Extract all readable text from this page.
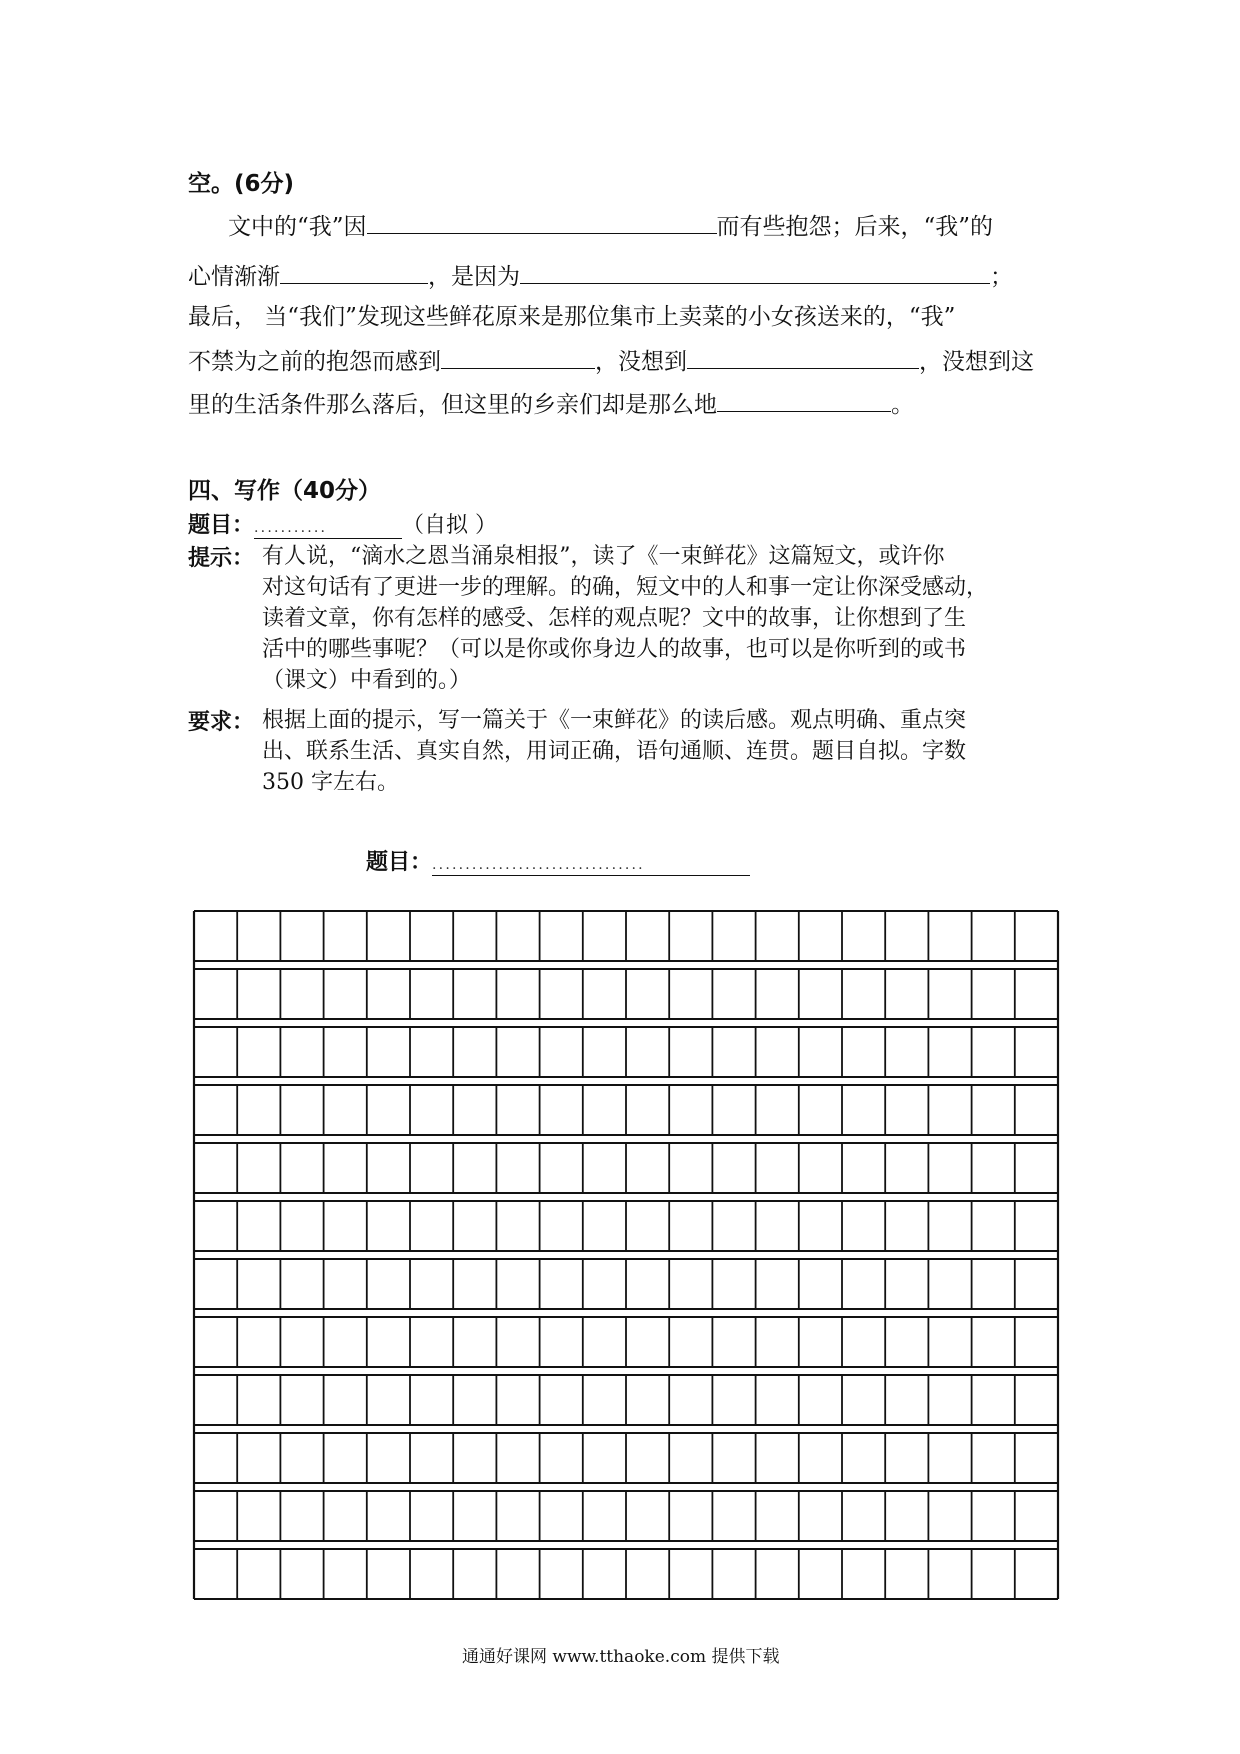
空。(6分)
文中的“我”因	而有些抱怨；后来，“我”的
心情渐渐	，是因为	；
最后， 当“我们”发现这些鲜花原来是那位集市上卖菜的小女孩送来的，“我”
不禁为之前的抱怨而感到	，没想到	，没想到这
里的生活条件那么落后，但这里的乡亲们却是那么地	。
四、写作（40分）
题目：...........	（自拟 ）
提示： 有人说，“滴水之恩当涌泉相报”，读了《一束鲜花》这篇短文，或许你
对这句话有了更进一步的理解。的确，短文中的人和事一定让你深受感动，
读着文章，你有怎样的感受、怎样的观点呢？文中的故事，让你想到了生
活中的哪些事呢？（可以是你或你身边人的故事，也可以是你听到的或书
（课文）中看到的。）
要求： 根据上面的提示，写一篇关于《一束鲜花》的读后感。观点明确、重点突
出、联系生活、真实自然，用词正确，语句通顺、连贯。题目自拟。字数
350 字左右。
题目：................................
通通好课网 www.tthaoke.com 提供下载
